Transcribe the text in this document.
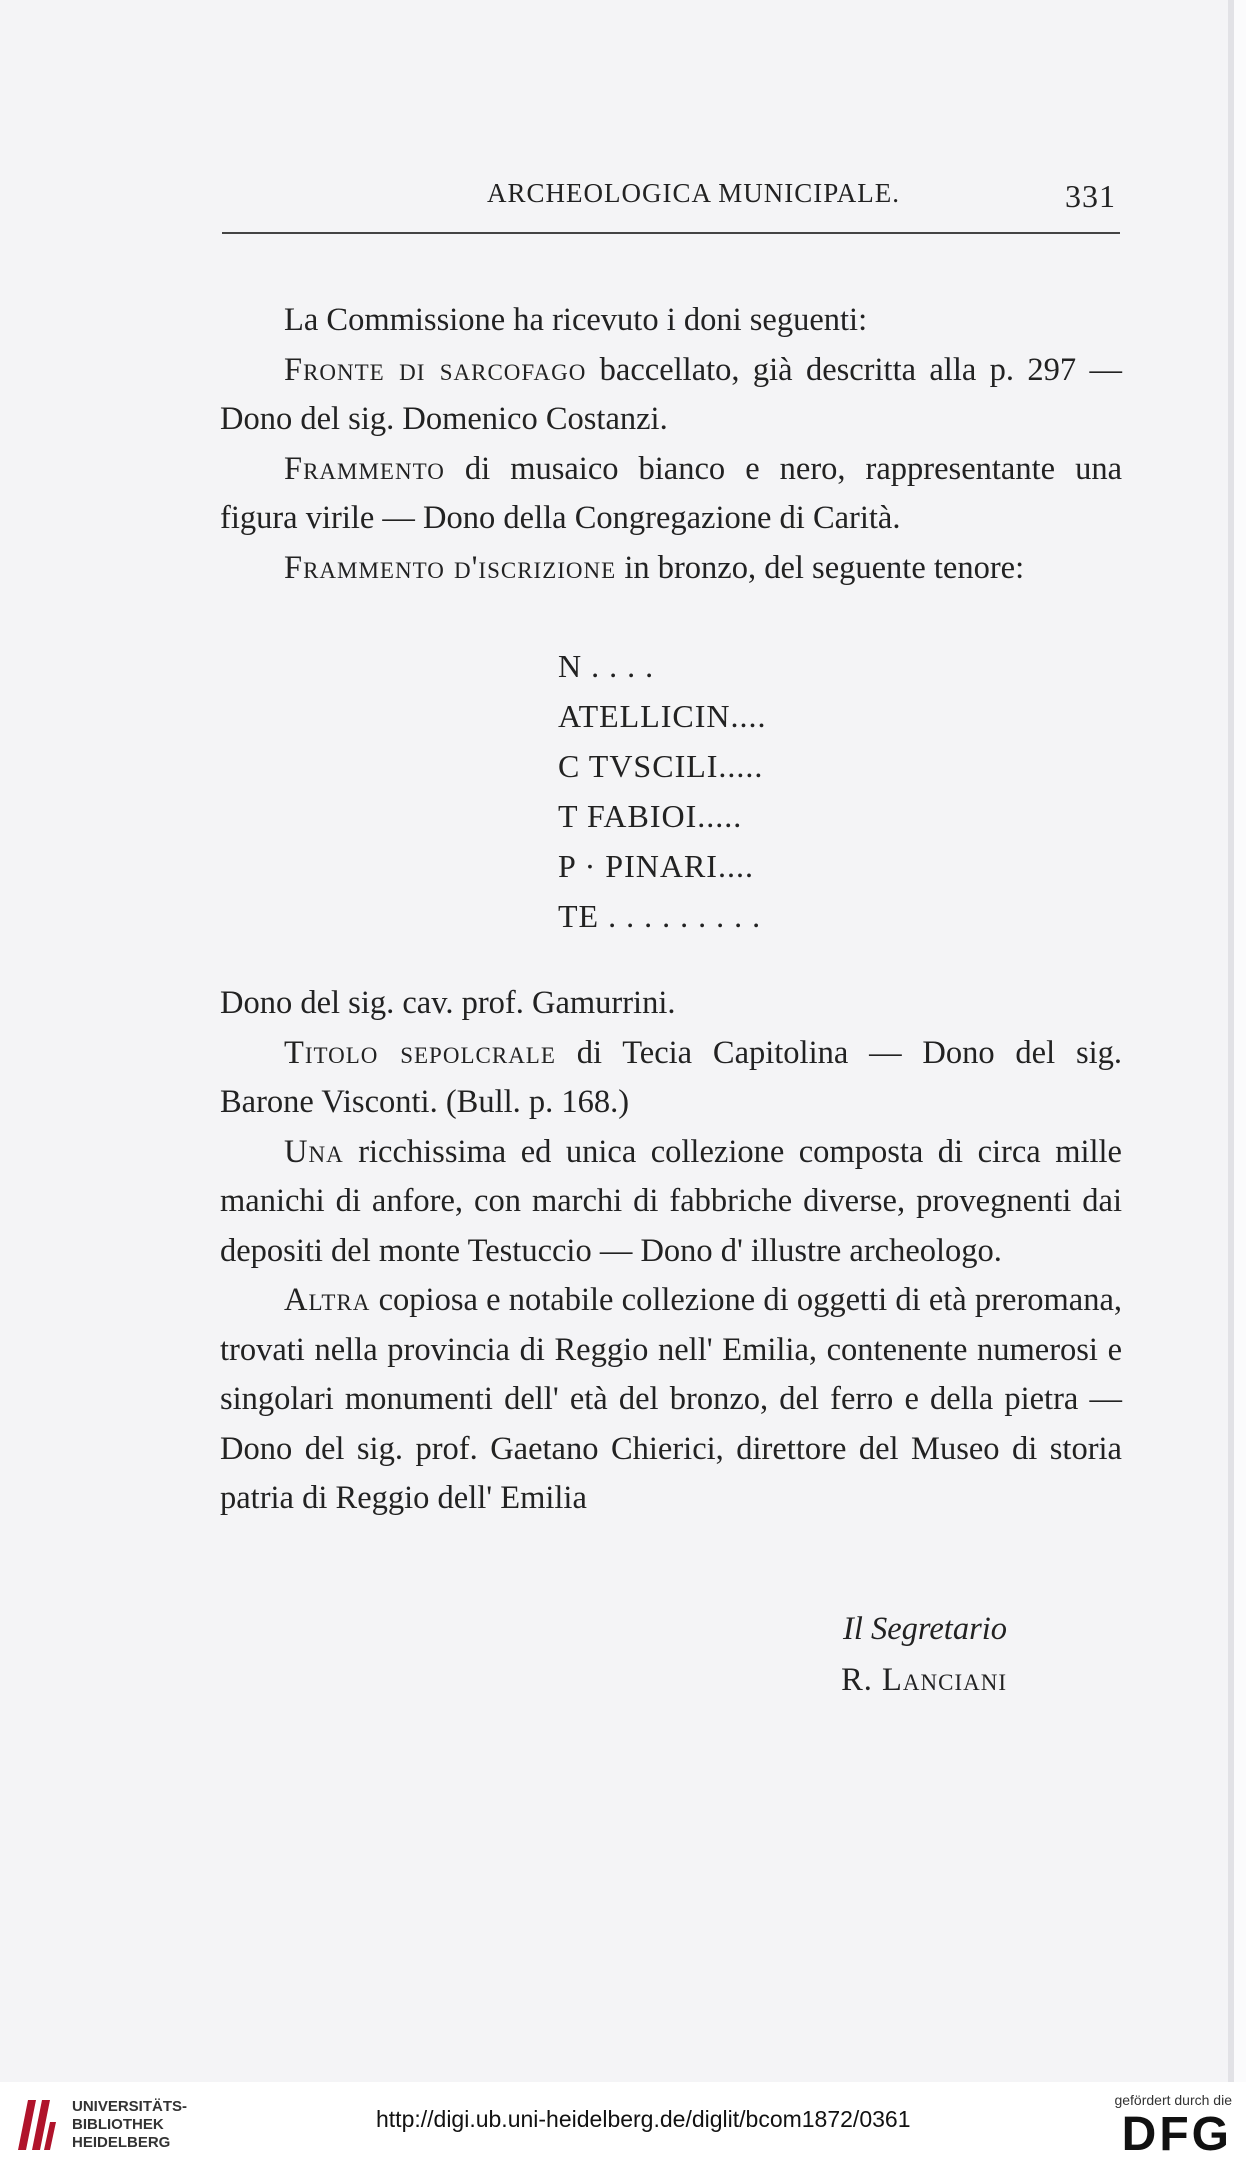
ARCHEOLOGICA MUNICIPALE.	331

La Commissione ha ricevuto i doni seguenti:

Fronte di sarcofago baccellato, già descritta alla p. 297 — Dono del sig. Domenico Costanzi.

Frammento di musaico bianco e nero, rappresentante una figura virile — Dono della Congregazione di Carità.

Frammento d'iscrizione in bronzo, del seguente tenore:

N . . . .
ATELLICIN....
C TVSCILI.....
T FABIOI.....
P · PINARI....
TE . . . . . . . . .

Dono del sig. cav. prof. Gamurrini.

Titolo sepolcrale di Tecia Capitolina — Dono del sig. Barone Visconti. (Bull. p. 168.)

Una ricchissima ed unica collezione composta di circa mille manichi di anfore, con marchi di fabbriche diverse, provegnenti dai depositi del monte Testuccio — Dono d' illustre archeologo.

Altra copiosa e notabile collezione di oggetti di età preromana, trovati nella provincia di Reggio nell' Emilia, contenente numerosi e singolari monumenti dell' età del bronzo, del ferro e della pietra — Dono del sig. prof. Gaetano Chierici, direttore del Museo di storia patria di Reggio dell' Emilia

Il Segretario
R. Lanciani
UNIVERSITÄTS-
BIBLIOTHEK
HEIDELBERG
http://digi.ub.uni-heidelberg.de/diglit/bcom1872/0361
gefördert durch die
DFG
